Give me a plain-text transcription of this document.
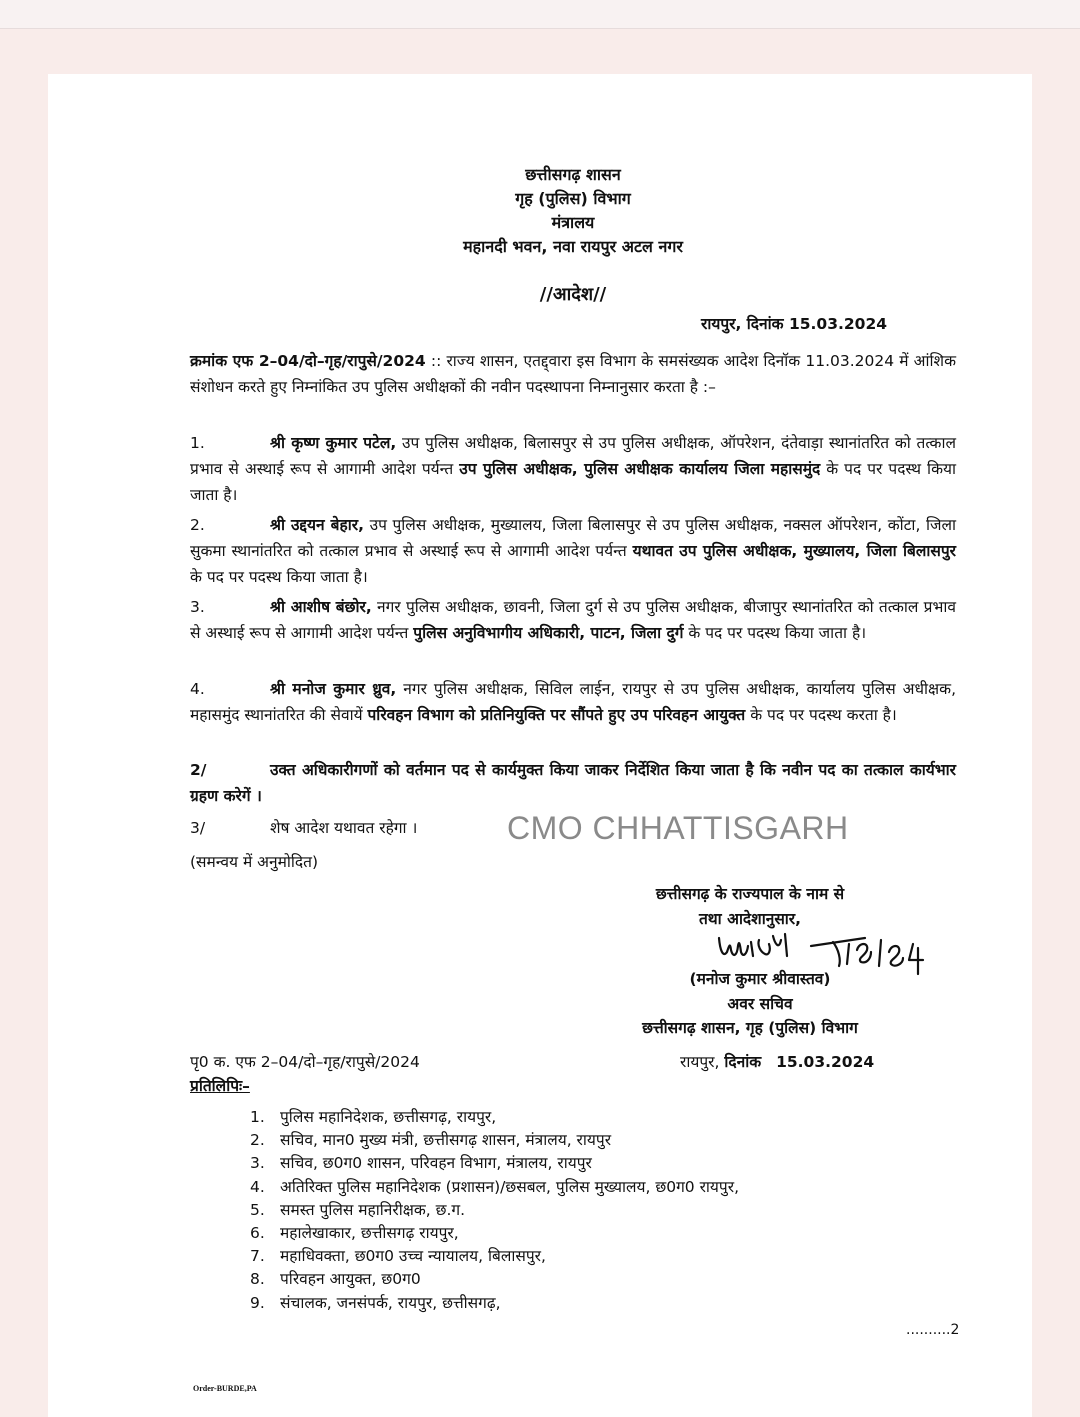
छत्तीसगढ़ शासन
गृह (पुलिस) विभाग
मंत्रालय
महानदी भवन, नवा रायपुर अटल नगर
//आदेश//
रायपुर, दिनांक 15.03.2024
क्रमांक एफ 2–04/दो–गृह/रापुसे/2024 :: राज्य शासन, एतद्द्वारा इस विभाग के समसंख्यक आदेश दिनॉक 11.03.2024 में आंशिक संशोधन करते हुए निम्नांकित उप पुलिस अधीक्षकों की नवीन पदस्थापना निम्नानुसार करता है :–
1.	श्री कृष्ण कुमार पटेल, उप पुलिस अधीक्षक, बिलासपुर से उप पुलिस अधीक्षक, ऑपरेशन, दंतेवाड़ा स्थानांतरित को तत्काल प्रभाव से अस्थाई रूप से आगामी आदेश पर्यन्त उप पुलिस अधीक्षक, पुलिस अधीक्षक कार्यालय जिला महासमुंद के पद पर पदस्थ किया जाता है।
2.	श्री उद्दयन बेहार, उप पुलिस अधीक्षक, मुख्यालय, जिला बिलासपुर से उप पुलिस अधीक्षक, नक्सल ऑपरेशन, कोंटा, जिला सुकमा स्थानांतरित को तत्काल प्रभाव से अस्थाई रूप से आगामी आदेश पर्यन्त यथावत उप पुलिस अधीक्षक, मुख्यालय, जिला बिलासपुर के पद पर पदस्थ किया जाता है।
3.	श्री आशीष बंछोर, नगर पुलिस अधीक्षक, छावनी, जिला दुर्ग से उप पुलिस अधीक्षक, बीजापुर स्थानांतरित को तत्काल प्रभाव से अस्थाई रूप से आगामी आदेश पर्यन्त पुलिस अनुविभागीय अधिकारी, पाटन, जिला दुर्ग के पद पर पदस्थ किया जाता है।
4.	श्री मनोज कुमार ध्रुव, नगर पुलिस अधीक्षक, सिविल लाईन, रायपुर से उप पुलिस अधीक्षक, कार्यालय पुलिस अधीक्षक, महासमुंद स्थानांतरित की सेवायें परिवहन विभाग को प्रतिनियुक्ति पर सौंपते हुए उप परिवहन आयुक्त के पद पर पदस्थ करता है।
2/	उक्त अधिकारीगणों को वर्तमान पद से कार्यमुक्त किया जाकर निर्देशित किया जाता है कि नवीन पद का तत्काल कार्यभार ग्रहण करेगें ।
3/	शेष आदेश यथावत रहेगा ।	CMO CHHATTISGARH
(समन्वय में अनुमोदित)
छत्तीसगढ़ के राज्यपाल के नाम से
तथा आदेशानुसार,
(मनोज कुमार श्रीवास्तव)
अवर सचिव
छत्तीसगढ़ शासन, गृह (पुलिस) विभाग
पृ0 क. एफ 2–04/दो–गृह/रापुसे/2024	रायपुर, दिनांक 15.03.2024
प्रतिलिपिः–
1. पुलिस महानिदेशक, छत्तीसगढ़, रायपुर,
2. सचिव, मान0 मुख्य मंत्री, छत्तीसगढ़ शासन, मंत्रालय, रायपुर
3. सचिव, छ0ग0 शासन, परिवहन विभाग, मंत्रालय, रायपुर
4. अतिरिक्त पुलिस महानिदेशक (प्रशासन)/छसबल, पुलिस मुख्यालय, छ0ग0 रायपुर,
5. समस्त पुलिस महानिरीक्षक, छ.ग.
6. महालेखाकार, छत्तीसगढ़ रायपुर,
7. महाधिवक्ता, छ0ग0 उच्च न्यायालय, बिलासपुर,
8. परिवहन आयुक्त, छ0ग0
9. संचालक, जनसंपर्क, रायपुर, छत्तीसगढ़,
..........2
Order-BURDE,PA
